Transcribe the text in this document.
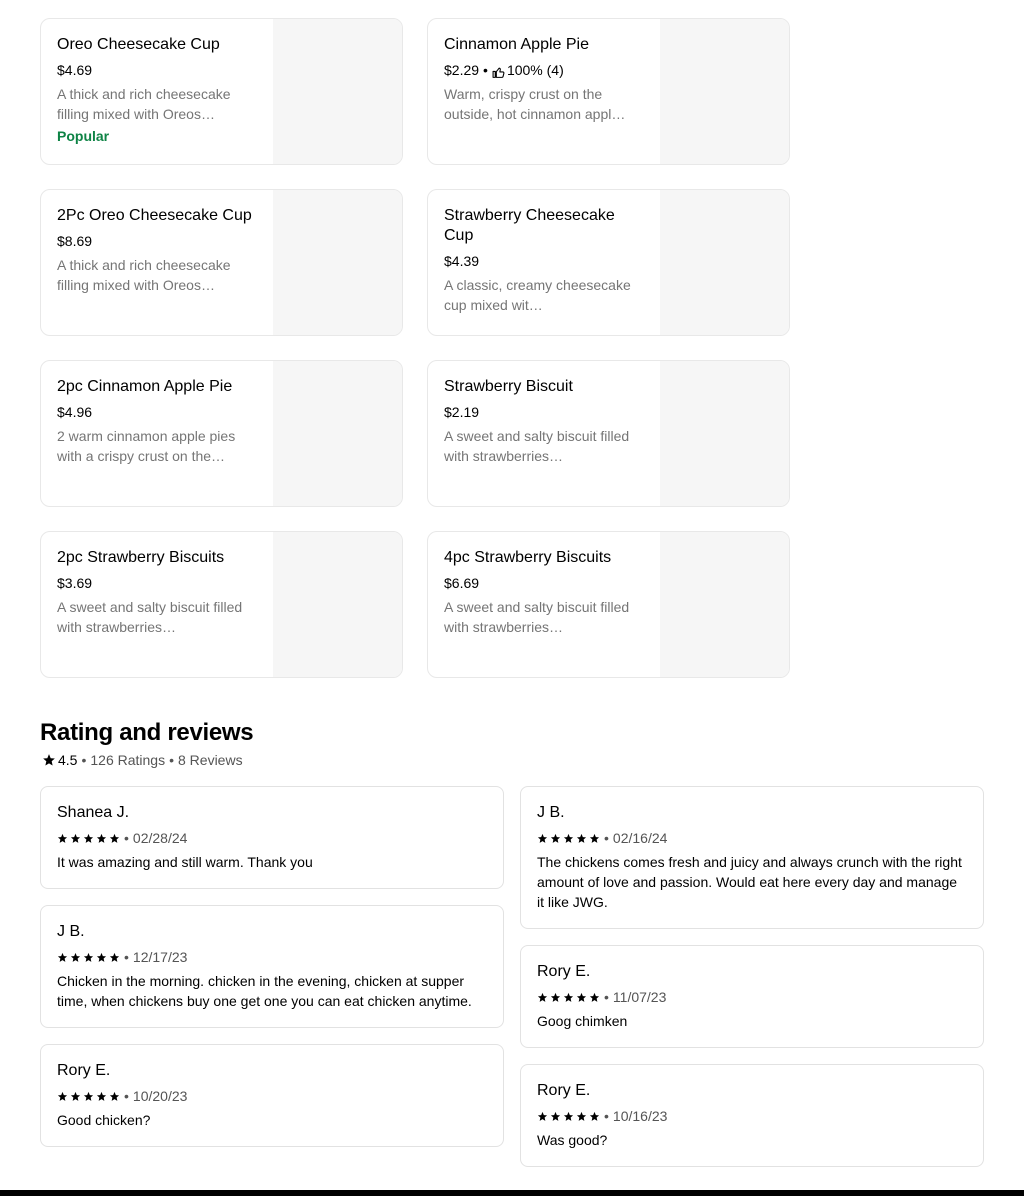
Oreo Cheesecake Cup
$4.69
A thick and rich cheesecake filling mixed with Oreos…
Popular
Cinnamon Apple Pie
$2.29 • 100% (4)
Warm, crispy crust on the outside, hot cinnamon appl…
2Pc Oreo Cheesecake Cup
$8.69
A thick and rich cheesecake filling mixed with Oreos…
Strawberry Cheesecake Cup
$4.39
A classic, creamy cheesecake cup mixed wit…
2pc Cinnamon Apple Pie
$4.96
2 warm cinnamon apple pies with a crispy crust on the…
Strawberry Biscuit
$2.19
A sweet and salty biscuit filled with strawberries…
2pc Strawberry Biscuits
$3.69
A sweet and salty biscuit filled with strawberries…
4pc Strawberry Biscuits
$6.69
A sweet and salty biscuit filled with strawberries…
Rating and reviews
4.5 • 126 Ratings • 8 Reviews
Shanea J.
• 02/28/24
It was amazing and still warm. Thank you
J B.
• 12/17/23
Chicken in the morning. chicken in the evening, chicken at supper time, when chickens buy one get one you can eat chicken anytime.
Rory E.
• 10/20/23
Good chicken?
J B.
• 02/16/24
The chickens comes fresh and juicy and always crunch with the right amount of love and passion. Would eat here every day and manage it like JWG.
Rory E.
• 11/07/23
Goog chimken
Rory E.
• 10/16/23
Was good?
